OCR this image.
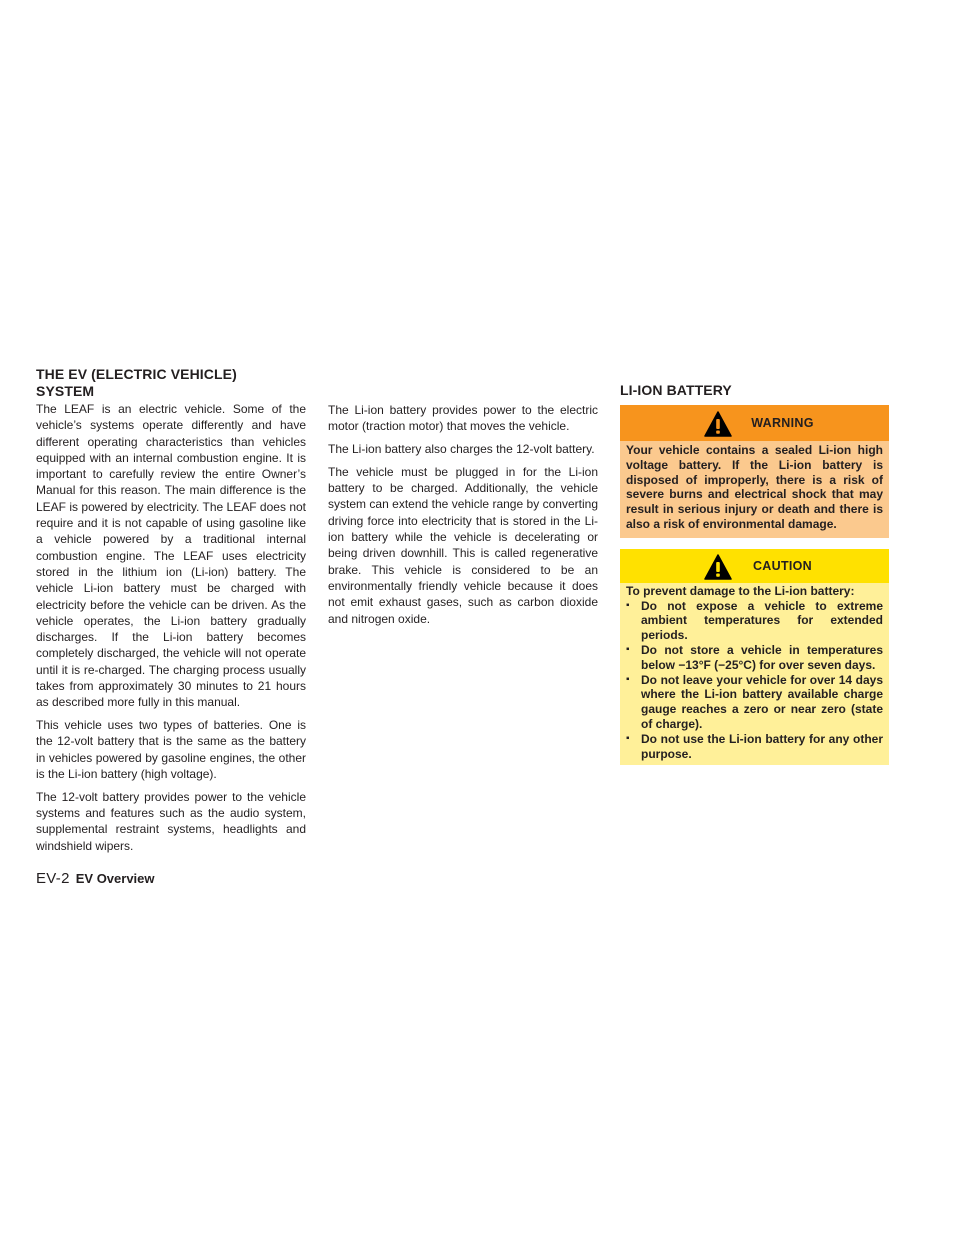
THE EV (ELECTRIC VEHICLE)
SYSTEM

The LEAF is an electric vehicle. Some of the vehicle’s systems operate differently and have different operating characteristics than vehicles equipped with an internal combustion engine. It is important to carefully review the entire Owner’s Manual for this reason. The main difference is the LEAF is powered by electricity. The LEAF does not require and it is not capable of using gasoline like a vehicle powered by a traditional internal combustion engine. The LEAF uses electricity stored in the lithium ion (Li-ion) battery. The vehicle Li-ion battery must be charged with electricity before the vehicle can be driven. As the vehicle operates, the Li-ion battery gradually discharges. If the Li-ion battery becomes completely discharged, the vehicle will not operate until it is re-charged. The charging process usually takes from approximately 30 minutes to 21 hours as described more fully in this manual.

This vehicle uses two types of batteries. One is the 12-volt battery that is the same as the battery in vehicles powered by gasoline engines, the other is the Li-ion battery (high voltage).

The 12-volt battery provides power to the vehicle systems and features such as the audio system, supplemental restraint systems, headlights and windshield wipers.

The Li-ion battery provides power to the electric motor (traction motor) that moves the vehicle.

The Li-ion battery also charges the 12-volt battery.

The vehicle must be plugged in for the Li-ion battery to be charged. Additionally, the vehicle system can extend the vehicle range by converting driving force into electricity that is stored in the Li-ion battery while the vehicle is decelerating or being driven downhill. This is called regenerative brake. This vehicle is considered to be an environmentally friendly vehicle because it does not emit exhaust gases, such as carbon dioxide and nitrogen oxide.

LI-ION BATTERY
WARNING

Your vehicle contains a sealed Li-ion high voltage battery. If the Li-ion battery is disposed of improperly, there is a risk of severe burns and electrical shock that may result in serious injury or death and there is also a risk of environmental damage.

CAUTION

To prevent damage to the Li-ion battery:

▪ Do not expose a vehicle to extreme ambient temperatures for extended periods.
▪ Do not store a vehicle in temperatures below −13°F (−25°C) for over seven days.
▪ Do not leave your vehicle for over 14 days where the Li-ion battery available charge gauge reaches a zero or near zero (state of charge).
▪ Do not use the Li-ion battery for any other purpose.
EV-2 EV Overview
